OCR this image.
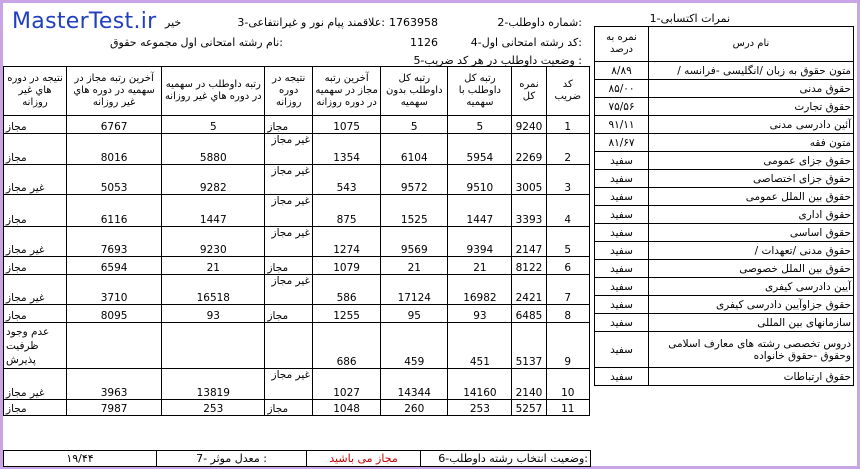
MasterTest.ir	1-نمرات اکتسابی
2-شماره داوطلب:
1763958
3-علاقمند پیام نور و غیرانتفاعی:
خیر
4-کد رشته امتحانی اول:
1126
نام رشته امتحانی اول:
مجموعه حقوق
5-وضعیت داوطلب در هر کد ضریب :
نمره به درصد	نام درس
۸/۸۹	/ متون حقوق به زبان /انگلیسی -فرانسه
۸۵/۰۰	حقوق مدنی
۷۵/۵۶	حقوق تجارت
۹۱/۱۱	آئین دادرسی مدنی
۸۱/۶۷	متون فقه
سفید	حقوق جزای عمومی
سفید	حقوق جزای اختصاصی
سفید	حقوق بین الملل عمومی
سفید	حقوق اداری
سفید	حقوق اساسی
سفید	/ حقوق مدنی /تعهدات
سفید	حقوق بین الملل خصوصی
سفید	آیین دادرسی کیفری
سفید	حقوق جزاوآیین دادرسی کیفری
سفید	سازمانهای بین المللی
سفید	دروس تخصصی رشته های معارف اسلامی وحقوق -حقوق خانواده
سفید	حقوق ارتباطات
نتیجه در دوره هاي غير روزانه	آخرین رتبه مجاز در سهمیه در دوره هاي غير روزانه	رتبه داوطلب در سهمیه در دوره هاي غير روزانه	نتیجه در دوره روزانه	آخرین رتبه مجاز در سهمیه در دوره روزانه	رتبه کل داوطلب بدون سهمیه	رتبه کل داوطلب با سهمیه	نمره کل	کد ضریب
مجاز	6767	5	مجاز	1075	5	5	9240	1
مجاز	8016	5880	غیر مجاز	1354	6104	5954	2269	2
غیر مجاز	5053	9282	غیر مجاز	543	9572	9510	3005	3
مجاز	6116	1447	غیر مجاز	875	1525	1447	3393	4
غیر مجاز	7693	9230	غیر مجاز	1274	9569	9394	2147	5
مجاز	6594	21	مجاز	1079	21	21	8122	6
غیر مجاز	3710	16518	غیر مجاز	586	17124	16982	2421	7
مجاز	8095	93	مجاز	1255	95	93	6485	8
عدم وجود ظرفیت پذیرش				686	459	451	5137	9
غیر مجاز	3963	13819	غیر مجاز	1027	14344	14160	2140	10
مجاز	7987	253	مجاز	1048	260	253	5257	11
۱۹/۴۴	7- معدل موثر :	مجاز می باشید	6-وضعیت انتخاب رشته داوطلب:
